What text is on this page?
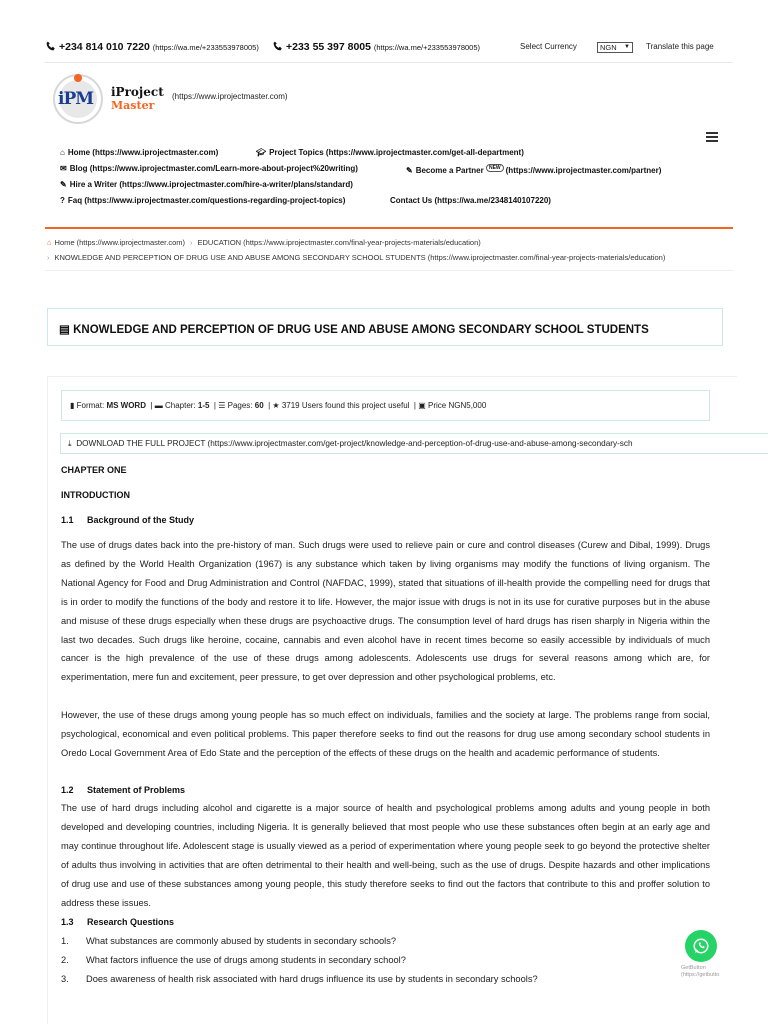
+234 814 010 7220 (https://wa.me/+233553978005)	+233 55 397 8005 (https://wa.me/+233553978005)	Select Currency	NGN ▼ Translate this page
iPM iProject
Master
(https://www.iprojectmaster.com)
⌂ Home (https://www.iprojectmaster.com)	🎓︎ Project Topics (https://www.iprojectmaster.com/get-all-department)
✉ Blog (https://www.iprojectmaster.com/Learn-more-about-project%20writing)	✎ Become a Partner NEW (https://www.iprojectmaster.com/partner)
✎ Hire a Writer (https://www.iprojectmaster.com/hire-a-writer/plans/standard)
? Faq (https://www.iprojectmaster.com/questions-regarding-project-topics)	Contact Us (https://wa.me/2348140107220)
⌂ Home (https://www.iprojectmaster.com) › EDUCATION (https://www.iprojectmaster.com/final-year-projects-materials/education)
› KNOWLEDGE AND PERCEPTION OF DRUG USE AND ABUSE AMONG SECONDARY SCHOOL STUDENTS (https://www.iprojectmaster.com/final-year-projects-materials/education)
▤ KNOWLEDGE AND PERCEPTION OF DRUG USE AND ABUSE AMONG SECONDARY SCHOOL STUDENTS
▮ Format: MS WORD  | ▬ Chapter: 1-5  | ☰ Pages: 60  | ★ 3719 Users found this project useful  | ▣ Price NGN5,000
⤓ DOWNLOAD THE FULL PROJECT (https://www.iprojectmaster.com/get-project/knowledge-and-perception-of-drug-use-and-abuse-among-secondary-sch
CHAPTER ONE
INTRODUCTION
1.1 Background of the Study
The use of drugs dates back into the pre-history of man. Such drugs were used to relieve pain or cure and control diseases (Curew and Dibal, 1999). Drugs as defined by the World Health Organization (1967) is any substance which taken by living organisms may modify the functions of living organism. The National Agency for Food and Drug Administration and Control (NAFDAC, 1999), stated that situations of ill-health provide the compelling need for drugs that is in order to modify the functions of the body and restore it to life. However, the major issue with drugs is not in its use for curative purposes but in the abuse and misuse of these drugs especially when these drugs are psychoactive drugs. The consumption level of hard drugs has risen sharply in Nigeria within the last two decades. Such drugs like heroine, cocaine, cannabis and even alcohol have in recent times become so easily accessible by individuals of much cancer is the high prevalence of the use of these drugs among adolescents. Adolescents use drugs for several reasons among which are, for experimentation, mere fun and excitement, peer pressure, to get over depression and other psychological problems, etc.
However, the use of these drugs among young people has so much effect on individuals, families and the society at large. The problems range from social, psychological, economical and even political problems. This paper therefore seeks to find out the reasons for drug use among secondary school students in Oredo Local Government Area of Edo State and the perception of the effects of these drugs on the health and academic performance of students.
1.2 Statement of Problems
The use of hard drugs including alcohol and cigarette is a major source of health and psychological problems among adults and young people in both developed and developing countries, including Nigeria. It is generally believed that most people who use these substances often begin at an early age and may continue throughout life. Adolescent stage is usually viewed as a period of experimentation where young people seek to go beyond the protective shelter of adults thus involving in activities that are often detrimental to their health and well-being, such as the use of drugs. Despite hazards and other implications of drug use and use of these substances among young people, this study therefore seeks to find out the factors that contribute to this and proffer solution to address these issues.
1.3 Research Questions
1. What substances are commonly abused by students in secondary schools?
2. What factors influence the use of drugs among students in secondary school?
3. Does awareness of health risk associated with hard drugs influence its use by students in secondary schools?
GetButton
(https://getbutto
